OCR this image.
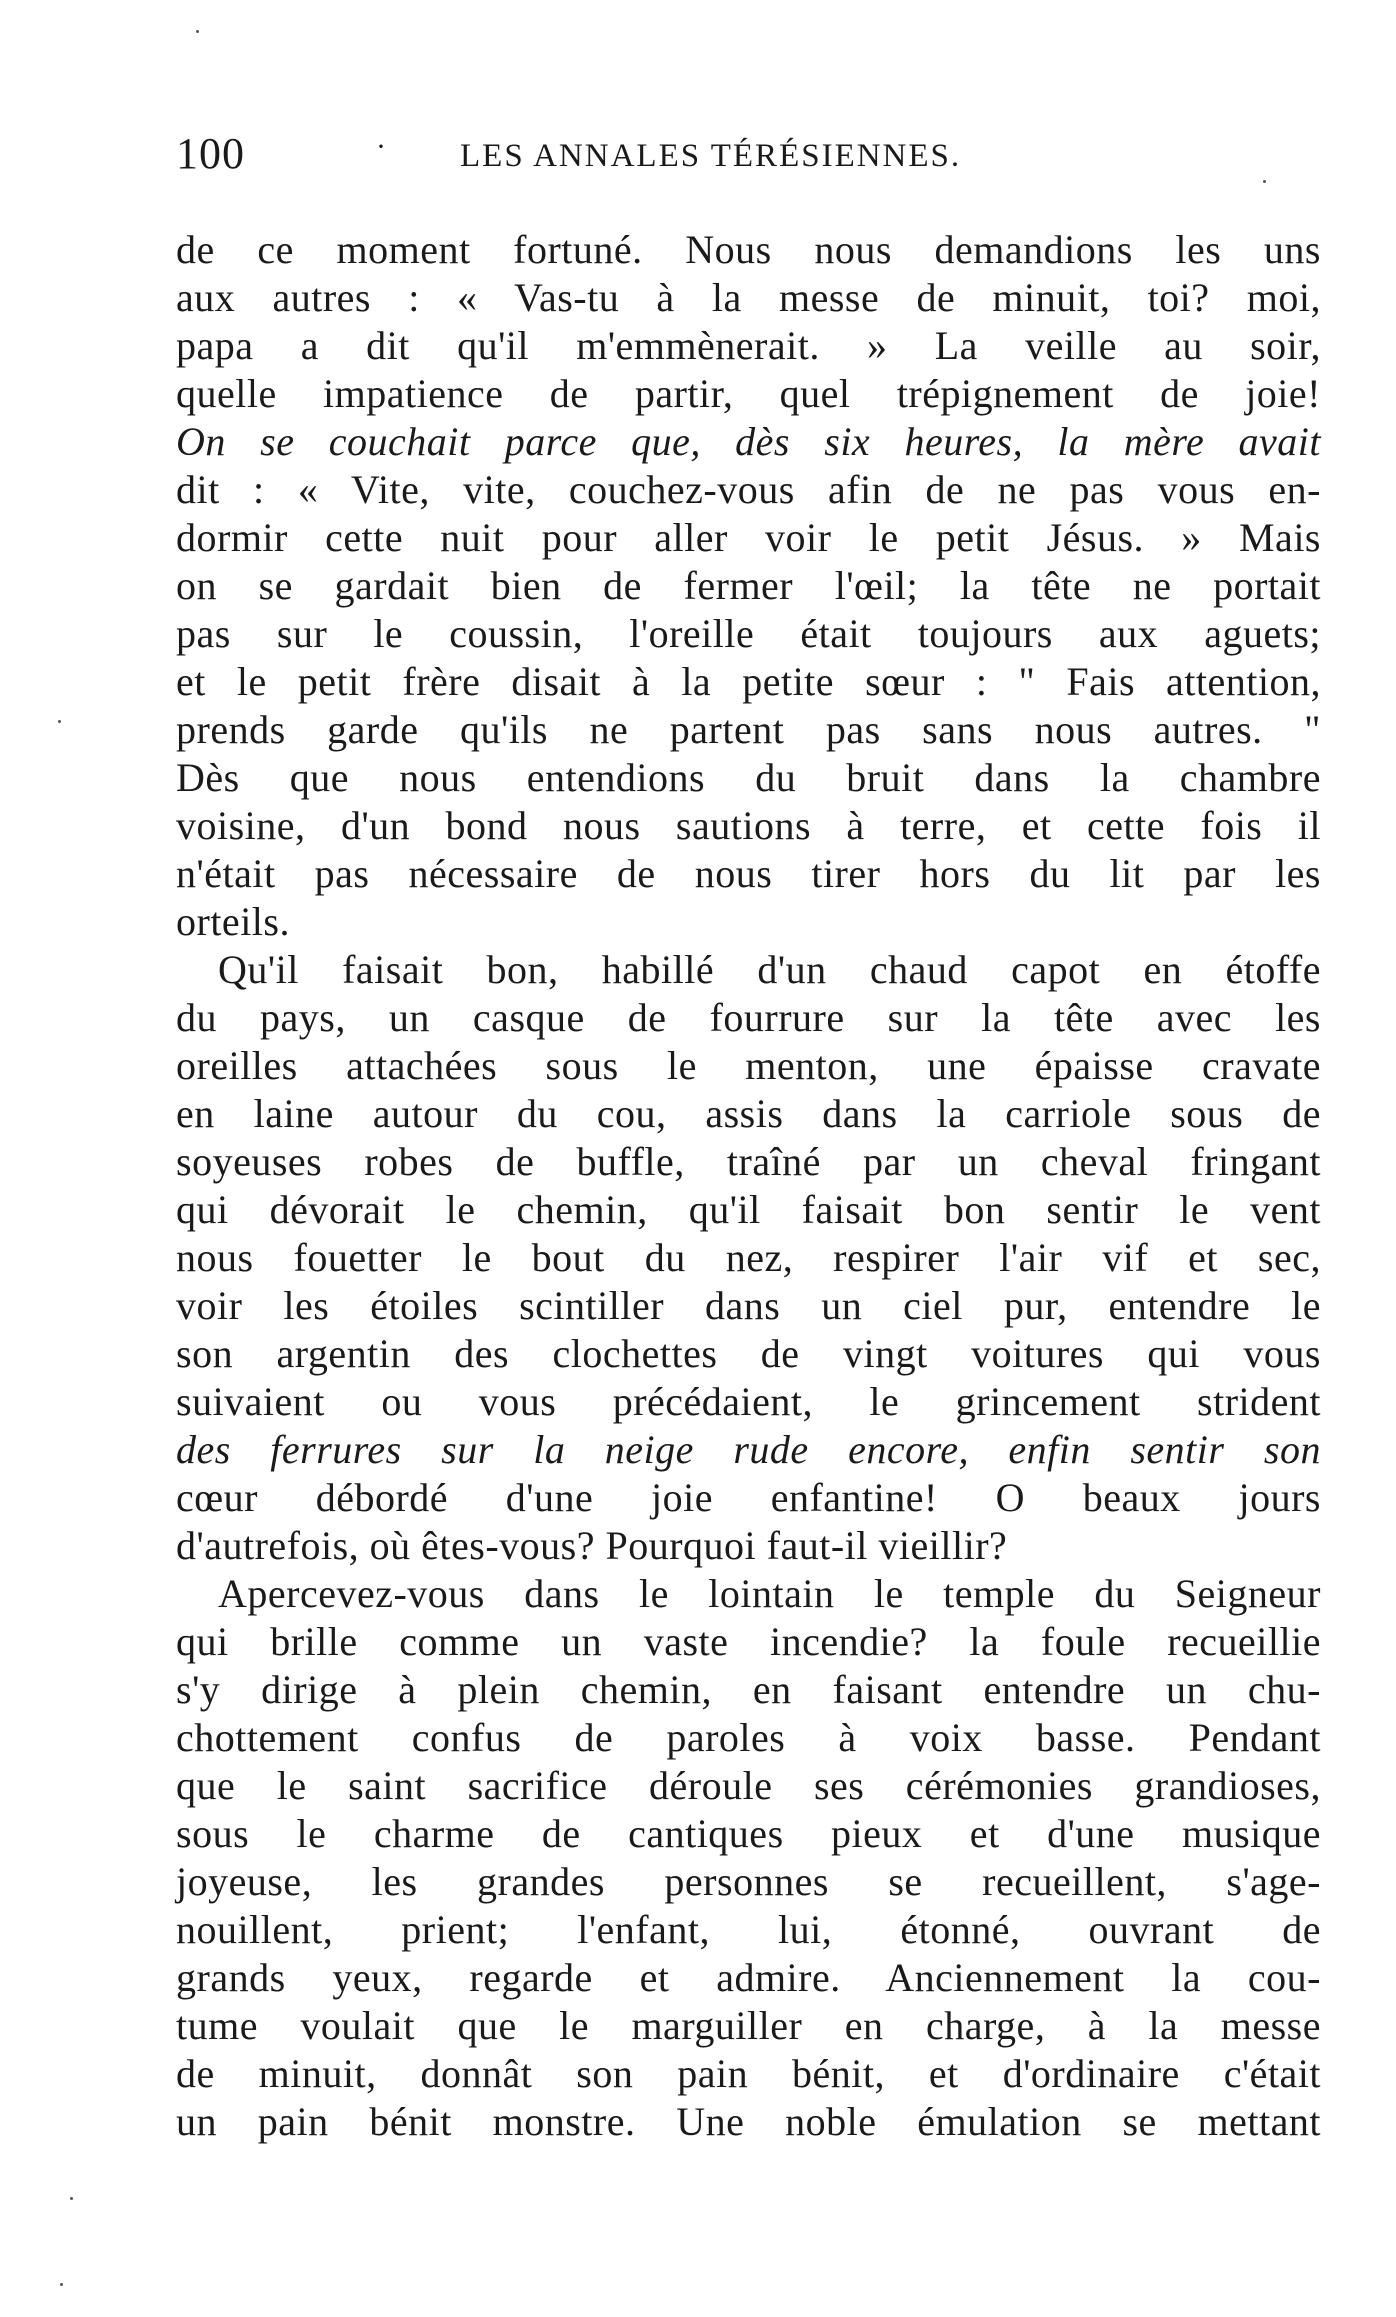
100	· LES ANNALES TÉRÉSIENNES.
de ce moment fortuné. Nous nous demandions les uns
aux autres : « Vas-tu à la messe de minuit, toi? moi,
papa a dit qu'il m'emmènerait. » La veille au soir,
quelle impatience de partir, quel trépignement de joie!
On se couchait parce que, dès six heures, la mère avait
dit : « Vite, vite, couchez-vous afin de ne pas vous en-
dormir cette nuit pour aller voir le petit Jésus. » Mais
on se gardait bien de fermer l'œil; la tête ne portait
pas sur le coussin, l'oreille était toujours aux aguets;
et le petit frère disait à la petite sœur : " Fais attention,
prends garde qu'ils ne partent pas sans nous autres. "
Dès que nous entendions du bruit dans la chambre
voisine, d'un bond nous sautions à terre, et cette fois il
n'était pas nécessaire de nous tirer hors du lit par les
orteils.
Qu'il faisait bon, habillé d'un chaud capot en étoffe
du pays, un casque de fourrure sur la tête avec les
oreilles attachées sous le menton, une épaisse cravate
en laine autour du cou, assis dans la carriole sous de
soyeuses robes de buffle, traîné par un cheval fringant
qui dévorait le chemin, qu'il faisait bon sentir le vent
nous fouetter le bout du nez, respirer l'air vif et sec,
voir les étoiles scintiller dans un ciel pur, entendre le
son argentin des clochettes de vingt voitures qui vous
suivaient ou vous précédaient, le grincement strident
des ferrures sur la neige rude encore, enfin sentir son
cœur débordé d'une joie enfantine! O beaux jours
d'autrefois, où êtes-vous? Pourquoi faut-il vieillir?
Apercevez-vous dans le lointain le temple du Seigneur
qui brille comme un vaste incendie? la foule recueillie
s'y dirige à plein chemin, en faisant entendre un chu-
chottement confus de paroles à voix basse. Pendant
que le saint sacrifice déroule ses cérémonies grandioses,
sous le charme de cantiques pieux et d'une musique
joyeuse, les grandes personnes se recueillent, s'age-
nouillent, prient; l'enfant, lui, étonné, ouvrant de
grands yeux, regarde et admire. Anciennement la cou-
tume voulait que le marguiller en charge, à la messe
de minuit, donnât son pain bénit, et d'ordinaire c'était
un pain bénit monstre. Une noble émulation se mettant
